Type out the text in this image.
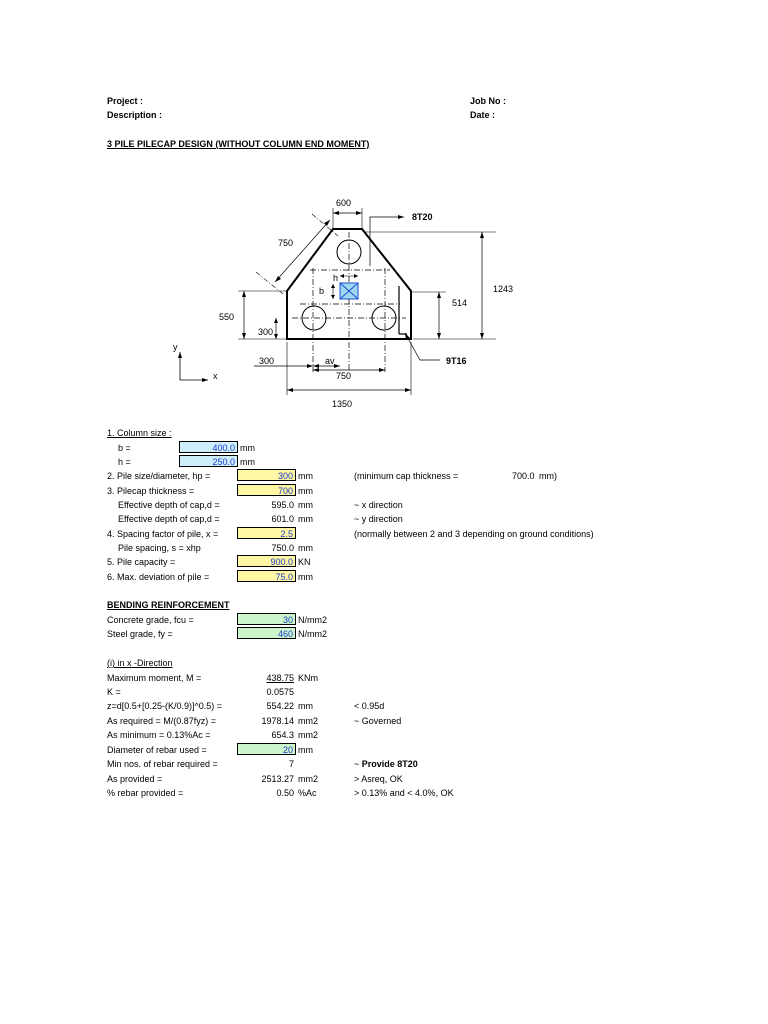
Project :
Description :
Job No :
Date :
3 PILE PILECAP DESIGN (WITHOUT COLUMN END MOMENT)
600
8T20
750
1243
514
550
300
b
h
300	av
750
9T16
1350
y
x
1. Column size :
b =	400.0 mm
h =	250.0 mm
2. Pile size/diameter, hp =	300 mm	(minimum cap thickness =	700.0 mm)
3. Pilecap thickness =	700 mm
Effective depth of cap,d =	595.0 mm	~ x direction
Effective depth of cap,d =	601.0 mm	~ y direction
4. Spacing factor of pile, x =	2.5	(normally between 2 and 3 depending on ground conditions)
Pile spacing, s = xhp	750.0 mm
5. Pile capacity =	900.0 KN
6. Max. deviation of pile =	75.0 mm
BENDING REINFORCEMENT
Concrete grade, fcu =	30 N/mm2
Steel grade, fy =	460 N/mm2
(i) in x -Direction
Maximum moment, M =	438.75 KNm
K =	0.0575
z=d[0.5+[0.25-(K/0.9)]^0.5) =	554.22 mm	< 0.95d
As required = M/(0.87fyz) =	1978.14 mm2	~ Governed
As minimum = 0.13%Ac =	654.3 mm2
Diameter of rebar used =	20 mm
Min nos. of rebar required =	7	~ Provide 8T20
As provided =	2513.27 mm2	> Asreq, OK
% rebar provided =	0.50 %Ac	> 0.13% and < 4.0%, OK
